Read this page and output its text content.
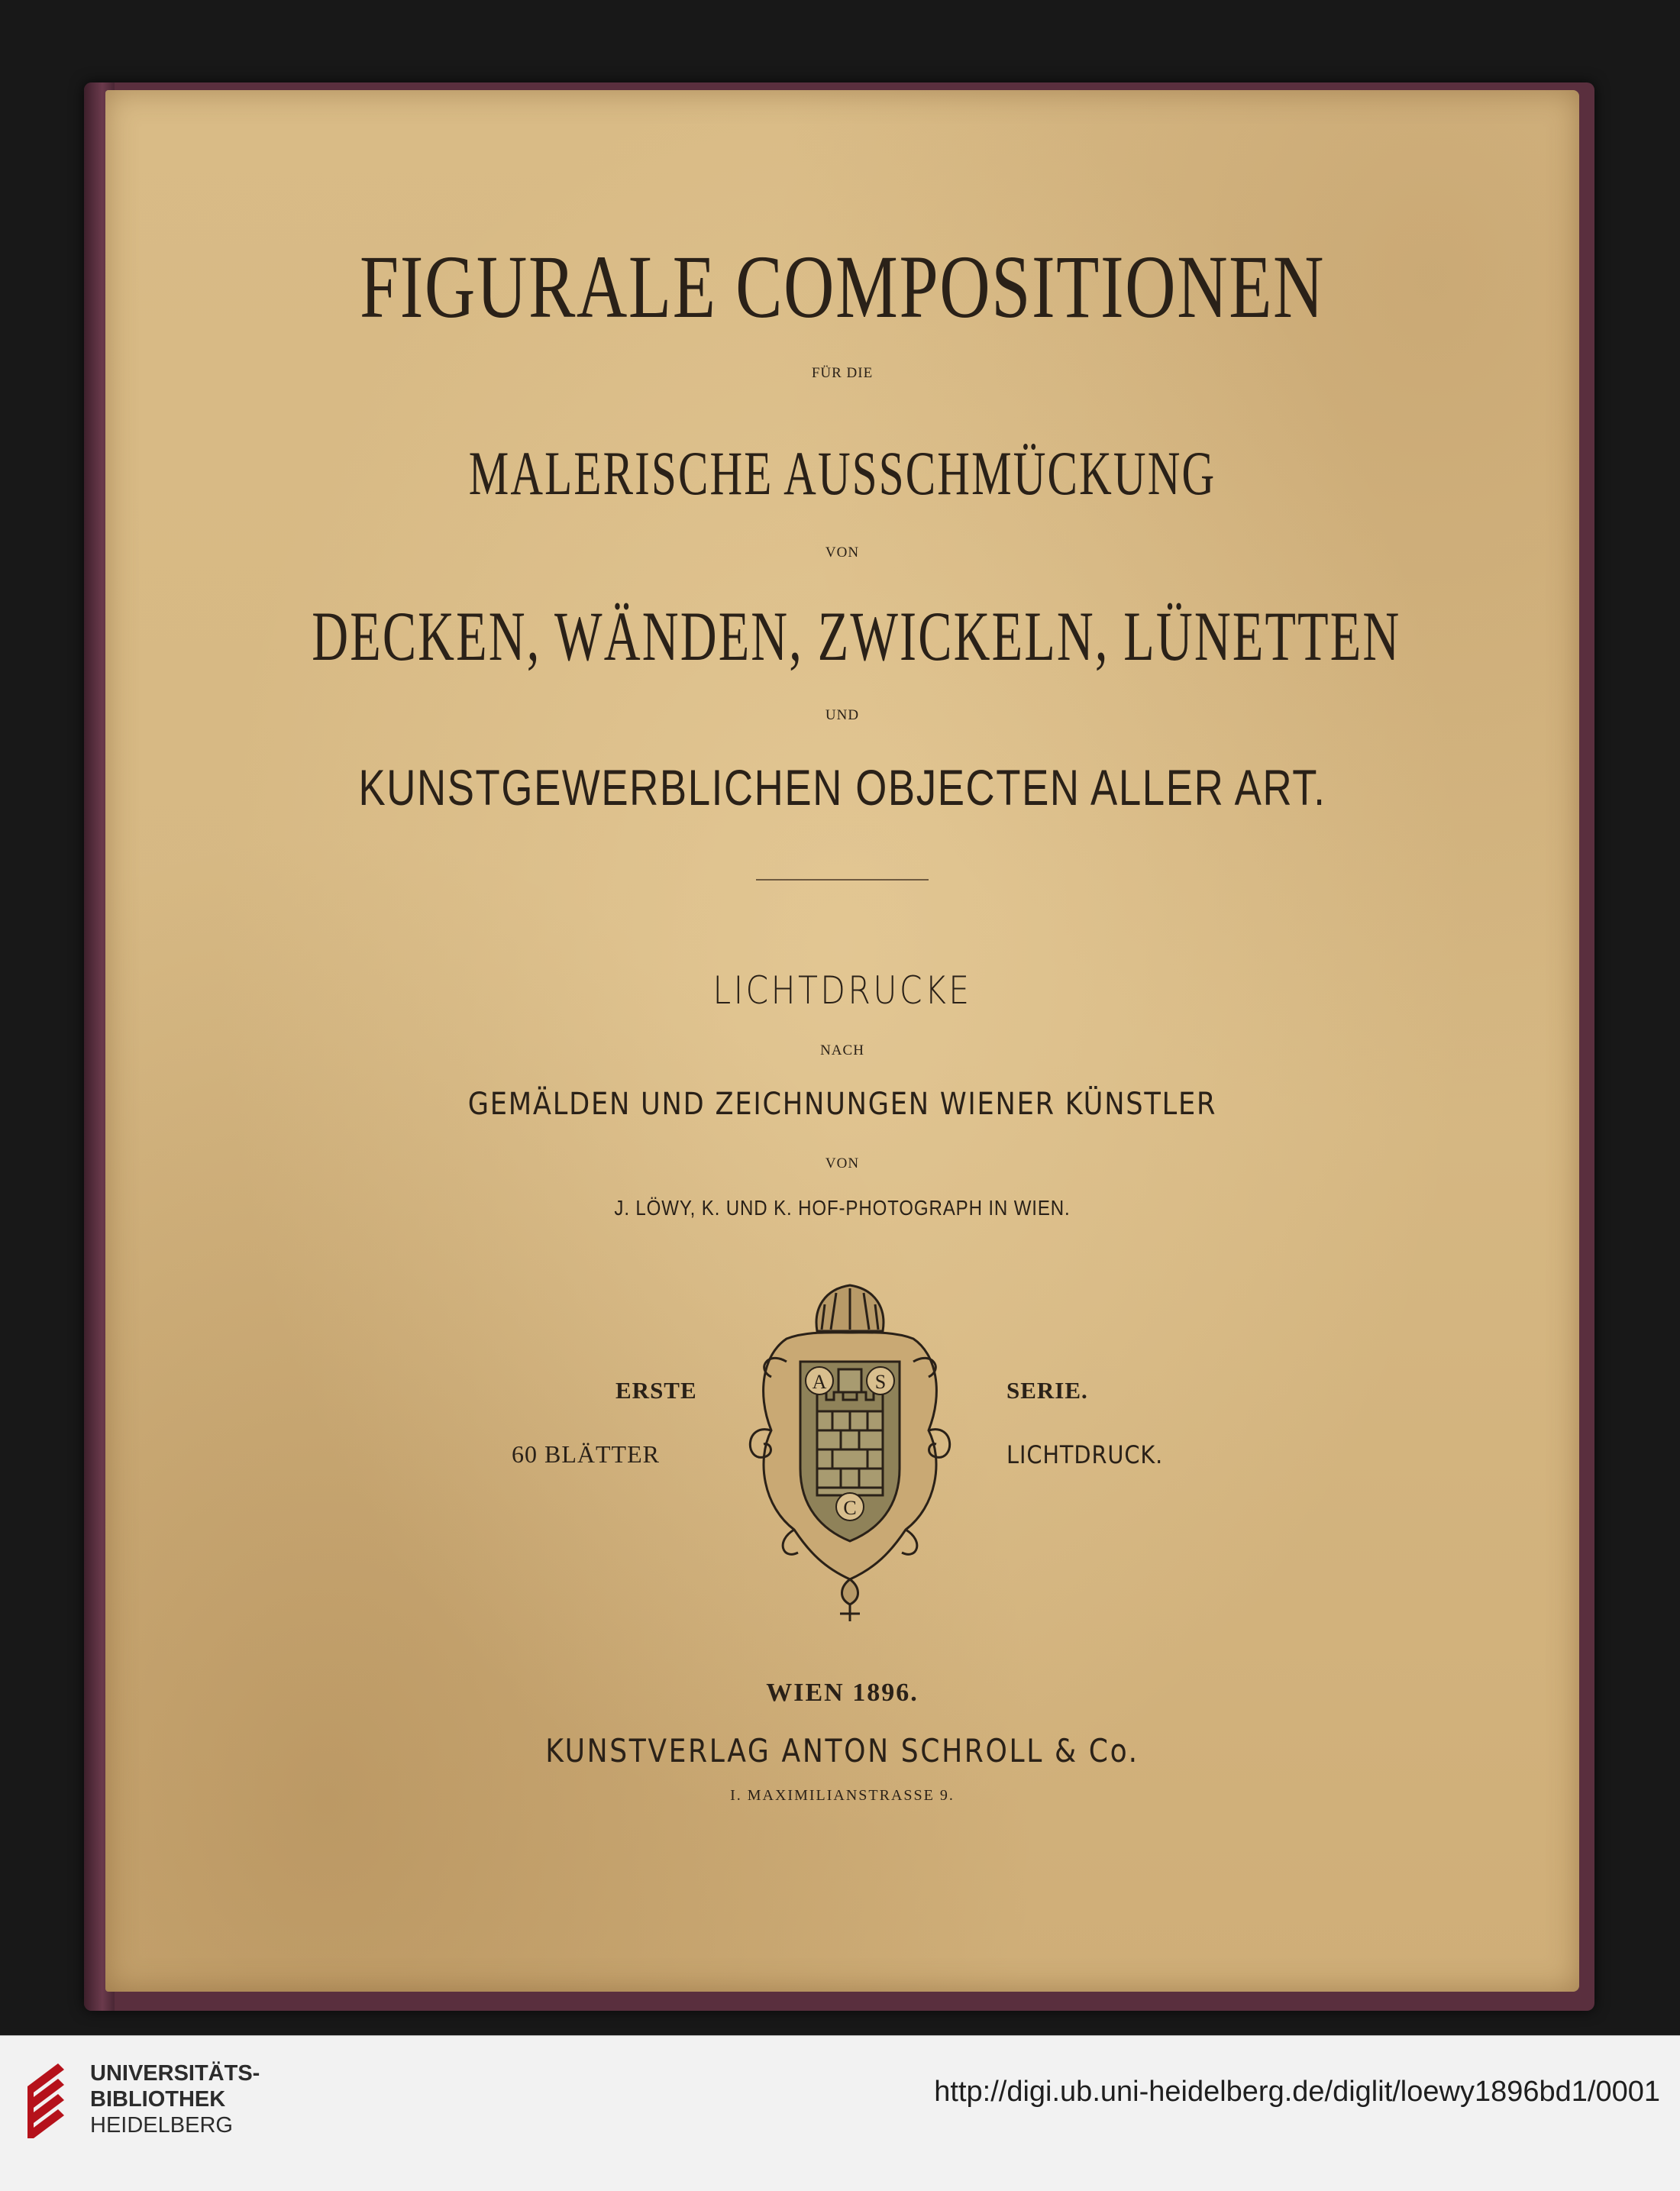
FIGURALE COMPOSITIONEN
FÜR DIE
MALERISCHE AUSSCHMÜCKUNG
VON
DECKEN, WÄNDEN, ZWICKELN, LÜNETTEN
UND
KUNSTGEWERBLICHEN OBJECTEN ALLER ART.
LICHTDRUCKE
NACH
GEMÄLDEN UND ZEICHNUNGEN WIENER KÜNSTLER
VON
J. LÖWY, K. UND K. HOF-PHOTOGRAPH IN WIEN.
ERSTE
60 BLÄTTER
SERIE.
LICHTDRUCK.
A S
C
WIEN 1896.
KUNSTVERLAG ANTON SCHROLL & Co.
I. MAXIMILIANSTRASSE 9.
UNIVERSITÄTS-
BIBLIOTHEK
HEIDELBERG
http://digi.ub.uni-heidelberg.de/diglit/loewy1896bd1/0001
